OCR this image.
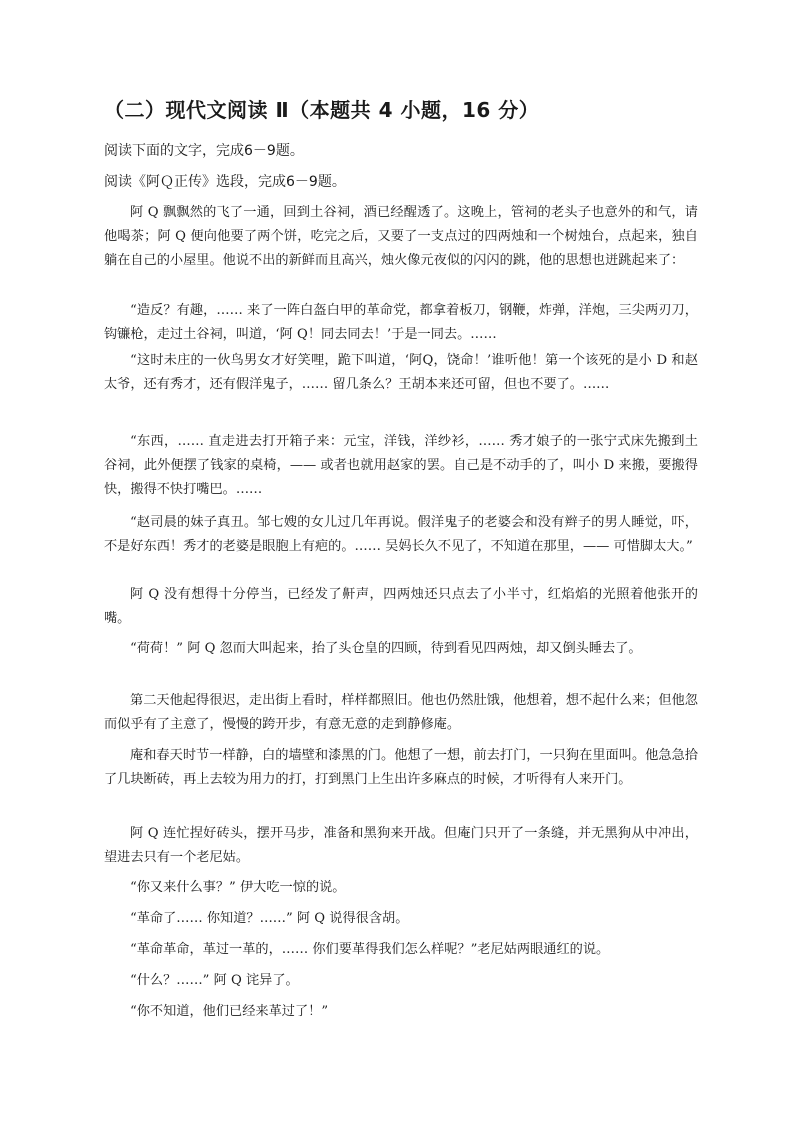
（二）现代文阅读 Ⅱ（本题共 4 小题，16 分）
阅读下面的文字，完成6－9题。
阅读《阿Ｑ正传》选段，完成6－9题。

阿 Q 飘飘然的飞了一通，回到土谷祠，酒已经醒透了。这晚上，管祠的老头子也意外的和气，请他喝茶；阿 Q 便向他要了两个饼，吃完之后，又要了一支点过的四两烛和一个树烛台，点起来，独自躺在自己的小屋里。他说不出的新鲜而且高兴，烛火像元夜似的闪闪的跳，他的思想也迸跳起来了：

“造反？有趣，…… 来了一阵白盔白甲的革命党，都拿着板刀，钢鞭，炸弹，洋炮，三尖两刃刀，钩镰枪，走过土谷祠，叫道，‘阿 Q！同去同去！’于是一同去。……

“这时未庄的一伙鸟男女才好笑哩，跪下叫道，‘阿Q，饶命！’谁听他！第一个该死的是小 D 和赵太爷，还有秀才，还有假洋鬼子，…… 留几条么？王胡本来还可留，但也不要了。……

“东西，…… 直走进去打开箱子来：元宝，洋钱，洋纱衫，…… 秀才娘子的一张宁式床先搬到土谷祠，此外便摆了钱家的桌椅，—— 或者也就用赵家的罢。自己是不动手的了，叫小 D 来搬，要搬得快，搬得不快打嘴巴。……

“赵司晨的妹子真丑。邹七嫂的女儿过几年再说。假洋鬼子的老婆会和没有辫子的男人睡觉，吓，不是好东西！秀才的老婆是眼胞上有疤的。…… 吴妈长久不见了，不知道在那里，—— 可惜脚太大。”

阿 Q 没有想得十分停当，已经发了鼾声，四两烛还只点去了小半寸，红焰焰的光照着他张开的嘴。

“荷荷！” 阿 Q 忽而大叫起来，抬了头仓皇的四顾，待到看见四两烛，却又倒头睡去了。

第二天他起得很迟，走出街上看时，样样都照旧。他也仍然肚饿，他想着，想不起什么来；但他忽而似乎有了主意了，慢慢的跨开步，有意无意的走到静修庵。

庵和春天时节一样静，白的墙壁和漆黑的门。他想了一想，前去打门，一只狗在里面叫。他急急拾了几块断砖，再上去较为用力的打，打到黑门上生出许多麻点的时候，才听得有人来开门。

阿 Q 连忙捏好砖头，摆开马步，准备和黑狗来开战。但庵门只开了一条缝，并无黑狗从中冲出，望进去只有一个老尼姑。

“你又来什么事？” 伊大吃一惊的说。

“革命了…… 你知道？……” 阿 Q 说得很含胡。

“革命革命，革过一革的，…… 你们要革得我们怎么样呢？”老尼姑两眼通红的说。

“什么？……” 阿 Q 诧异了。

“你不知道，他们已经来革过了！”
